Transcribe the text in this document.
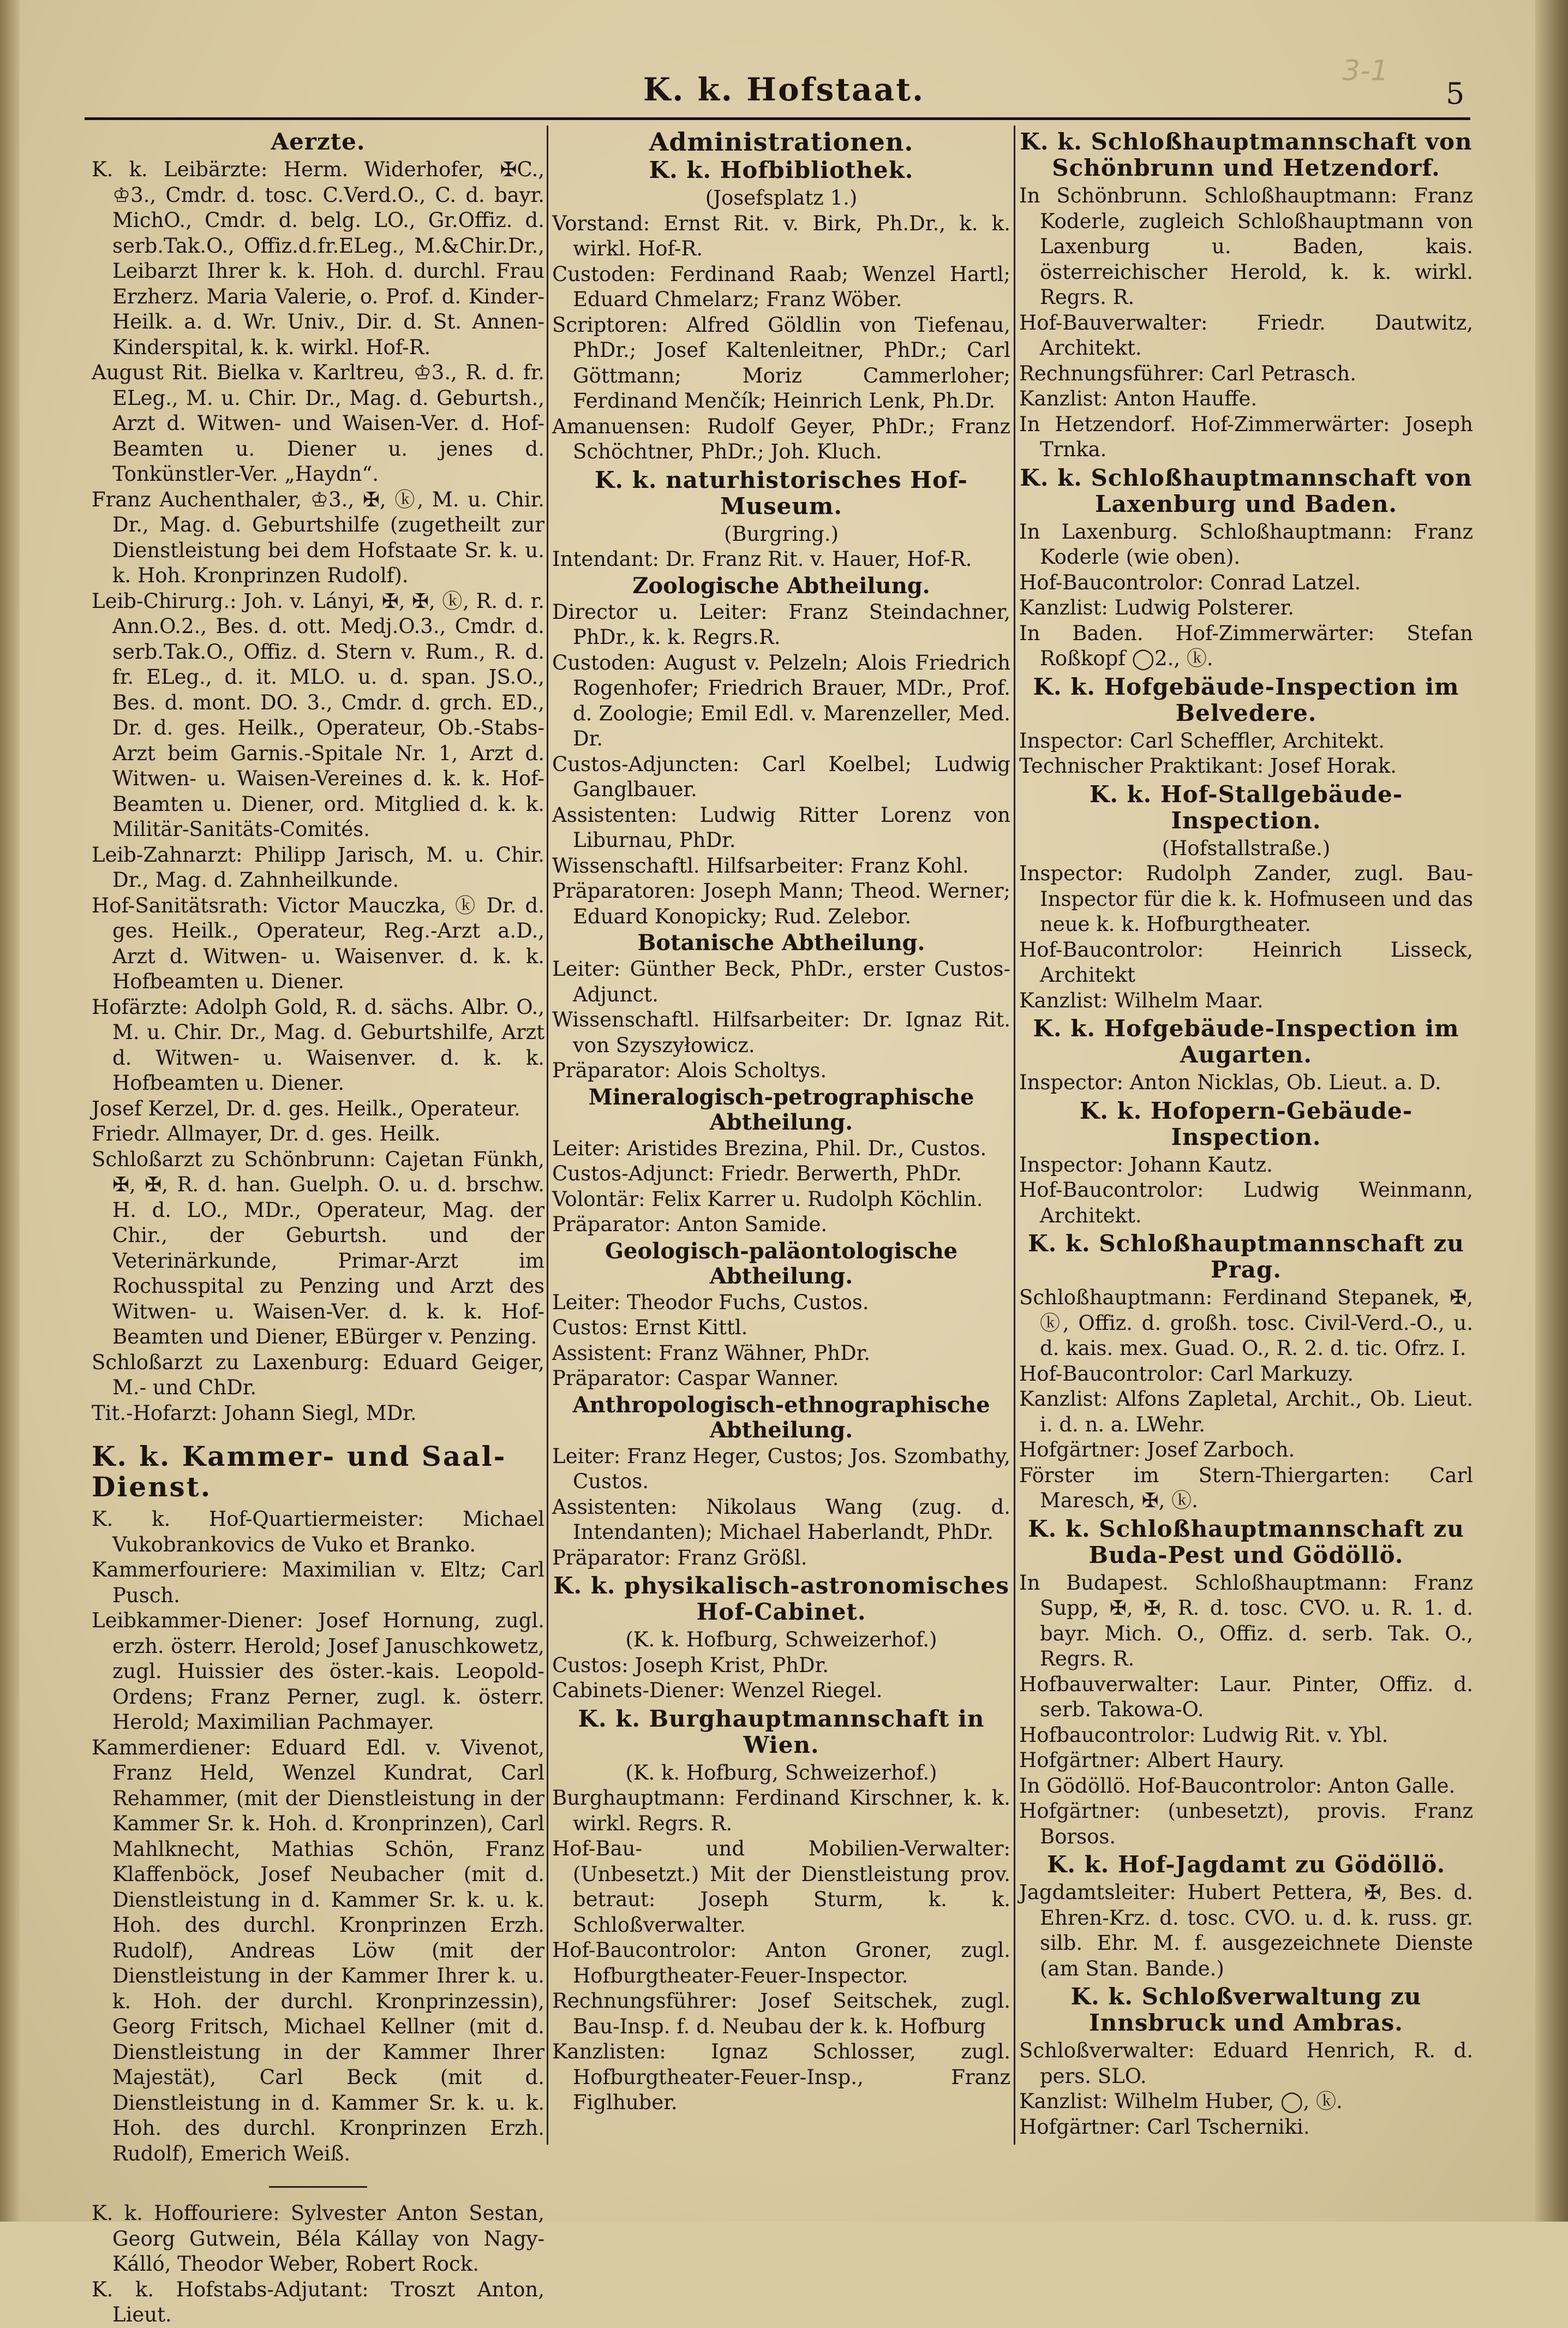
K. k. Hofstaat.	3-1
5
Aerzte.
K. k. Leibärzte: Herm. Widerhofer, ✠C., ♔3., Cmdr. d. tosc. C.Verd.O., C. d. bayr. MichO., Cmdr. d. belg. LO., Gr.Offiz. d. serb.Tak.O., Offiz.d.fr.ELeg., M.&Chir.Dr., Leibarzt Ihrer k. k. Hoh. d. durchl. Frau Erzherz. Maria Valerie, o. Prof. d. Kinder-Heilk. a. d. Wr. Univ., Dir. d. St. Annen-Kinderspital, k. k. wirkl. Hof-R.
August Rit. Bielka v. Karltreu, ♔3., R. d. fr. ELeg., M. u. Chir. Dr., Mag. d. Geburtsh., Arzt d. Witwen- und Waisen-Ver. d. Hof-Beamten u. Diener u. jenes d. Tonkünstler-Ver. „Haydn“.
Franz Auchenthaler, ♔3., ✠, ⓚ, M. u. Chir. Dr., Mag. d. Geburtshilfe (zugetheilt zur Dienstleistung bei dem Hofstaate Sr. k. u. k. Hoh. Kronprinzen Rudolf).
Leib-Chirurg.: Joh. v. Lányi, ✠, ✠, ⓚ, R. d. r. Ann.O.2., Bes. d. ott. Medj.O.3., Cmdr. d. serb.Tak.O., Offiz. d. Stern v. Rum., R. d. fr. ELeg., d. it. MLO. u. d. span. JS.O., Bes. d. mont. DO. 3., Cmdr. d. grch. ED., Dr. d. ges. Heilk., Operateur, Ob.-Stabs-Arzt beim Garnis.-Spitale Nr. 1, Arzt d. Witwen- u. Waisen-Vereines d. k. k. Hof-Beamten u. Diener, ord. Mitglied d. k. k. Militär-Sanitäts-Comités.
Leib-Zahnarzt: Philipp Jarisch, M. u. Chir. Dr., Mag. d. Zahnheilkunde.
Hof-Sanitätsrath: Victor Mauczka, ⓚ Dr. d. ges. Heilk., Operateur, Reg.-Arzt a.D., Arzt d. Witwen- u. Waisenver. d. k. k. Hofbeamten u. Diener.
Hofärzte: Adolph Gold, R. d. sächs. Albr. O., M. u. Chir. Dr., Mag. d. Geburtshilfe, Arzt d. Witwen- u. Waisenver. d. k. k. Hofbeamten u. Diener.
Josef Kerzel, Dr. d. ges. Heilk., Operateur.
Friedr. Allmayer, Dr. d. ges. Heilk.
Schloßarzt zu Schönbrunn: Cajetan Fünkh, ✠, ✠, R. d. han. Guelph. O. u. d. brschw. H. d. LO., MDr., Operateur, Mag. der Chir., der Geburtsh. und der Veterinärkunde, Primar-Arzt im Rochusspital zu Penzing und Arzt des Witwen- u. Waisen-Ver. d. k. k. Hof-Beamten und Diener, EBürger v. Penzing.
Schloßarzt zu Laxenburg: Eduard Geiger, M.- und ChDr.
Tit.-Hofarzt: Johann Siegl, MDr.
K. k. Kammer- und Saal-Dienst.
K. k. Hof-Quartiermeister: Michael Vukobrankovics de Vuko et Branko.
Kammerfouriere: Maximilian v. Eltz; Carl Pusch.
Leibkammer-Diener: Josef Hornung, zugl. erzh. österr. Herold; Josef Januschkowetz, zugl. Huissier des öster.-kais. Leopold-Ordens; Franz Perner, zugl. k. österr. Herold; Maximilian Pachmayer.
Kammerdiener: Eduard Edl. v. Vivenot, Franz Held, Wenzel Kundrat, Carl Rehammer, (mit der Dienstleistung in der Kammer Sr. k. Hoh. d. Kronprinzen), Carl Mahlknecht, Mathias Schön, Franz Klaffenböck, Josef Neubacher (mit d. Dienstleistung in d. Kammer Sr. k. u. k. Hoh. des durchl. Kronprinzen Erzh. Rudolf), Andreas Löw (mit der Dienstleistung in der Kammer Ihrer k. u. k. Hoh. der durchl. Kronprinzessin), Georg Fritsch, Michael Kellner (mit d. Dienstleistung in der Kammer Ihrer Majestät), Carl Beck (mit d. Dienstleistung in d. Kammer Sr. k. u. k. Hoh. des durchl. Kronprinzen Erzh. Rudolf), Emerich Weiß.
K. k. Hoffouriere: Sylvester Anton Sestan, Georg Gutwein, Béla Kállay von Nagy-Kálló, Theodor Weber, Robert Rock.
K. k. Hofstabs-Adjutant: Troszt Anton, Lieut.
Administrationen.
K. k. Hofbibliothek.
(Josefsplatz 1.)
Vorstand: Ernst Rit. v. Birk, Ph.Dr., k. k. wirkl. Hof-R.
Custoden: Ferdinand Raab; Wenzel Hartl; Eduard Chmelarz; Franz Wöber.
Scriptoren: Alfred Göldlin von Tiefenau, PhDr.; Josef Kaltenleitner, PhDr.; Carl Göttmann; Moriz Cammerloher; Ferdinand Menčík; Heinrich Lenk, Ph.Dr.
Amanuensen: Rudolf Geyer, PhDr.; Franz Schöchtner, PhDr.; Joh. Kluch.
K. k. naturhistorisches Hof-Museum.
(Burgring.)
Intendant: Dr. Franz Rit. v. Hauer, Hof-R.
Zoologische Abtheilung.
Director u. Leiter: Franz Steindachner, PhDr., k. k. Regrs.R.
Custoden: August v. Pelzeln; Alois Friedrich Rogenhofer; Friedrich Brauer, MDr., Prof. d. Zoologie; Emil Edl. v. Marenzeller, Med. Dr.
Custos-Adjuncten: Carl Koelbel; Ludwig Ganglbauer.
Assistenten: Ludwig Ritter Lorenz von Liburnau, PhDr.
Wissenschaftl. Hilfsarbeiter: Franz Kohl.
Präparatoren: Joseph Mann; Theod. Werner; Eduard Konopicky; Rud. Zelebor.
Botanische Abtheilung.
Leiter: Günther Beck, PhDr., erster Custos-Adjunct.
Wissenschaftl. Hilfsarbeiter: Dr. Ignaz Rit. von Szyszyłowicz.
Präparator: Alois Scholtys.
Mineralogisch-petrographische Abtheilung.
Leiter: Aristides Brezina, Phil. Dr., Custos.
Custos-Adjunct: Friedr. Berwerth, PhDr.
Volontär: Felix Karrer u. Rudolph Köchlin.
Präparator: Anton Samide.
Geologisch-paläontologische Abtheilung.
Leiter: Theodor Fuchs, Custos.
Custos: Ernst Kittl.
Assistent: Franz Wähner, PhDr.
Präparator: Caspar Wanner.
Anthropologisch-ethnographische Abtheilung.
Leiter: Franz Heger, Custos; Jos. Szombathy, Custos.
Assistenten: Nikolaus Wang (zug. d. Intendanten); Michael Haberlandt, PhDr.
Präparator: Franz Größl.
K. k. physikalisch-astronomisches Hof-Cabinet.
(K. k. Hofburg, Schweizerhof.)
Custos: Joseph Krist, PhDr.
Cabinets-Diener: Wenzel Riegel.
K. k. Burghauptmannschaft in Wien.
(K. k. Hofburg, Schweizerhof.)
Burghauptmann: Ferdinand Kirschner, k. k. wirkl. Regrs. R.
Hof-Bau- und Mobilien-Verwalter: (Unbesetzt.) Mit der Dienstleistung prov. betraut: Joseph Sturm, k. k. Schloßverwalter.
Hof-Baucontrolor: Anton Groner, zugl. Hofburgtheater-Feuer-Inspector.
Rechnungsführer: Josef Seitschek, zugl. Bau-Insp. f. d. Neubau der k. k. Hofburg
Kanzlisten: Ignaz Schlosser, zugl. Hofburgtheater-Feuer-Insp., Franz Figlhuber.
K. k. Schloßhauptmannschaft von Schönbrunn und Hetzendorf.
In Schönbrunn. Schloßhauptmann: Franz Koderle, zugleich Schloßhauptmann von Laxenburg u. Baden, kais. österreichischer Herold, k. k. wirkl. Regrs. R.
Hof-Bauverwalter: Friedr. Dautwitz, Architekt.
Rechnungsführer: Carl Petrasch.
Kanzlist: Anton Hauffe.
In Hetzendorf. Hof-Zimmerwärter: Joseph Trnka.
K. k. Schloßhauptmannschaft von Laxenburg und Baden.
In Laxenburg. Schloßhauptmann: Franz Koderle (wie oben).
Hof-Baucontrolor: Conrad Latzel.
Kanzlist: Ludwig Polsterer.
In Baden. Hof-Zimmerwärter: Stefan Roßkopf ◯2., ⓚ.
K. k. Hofgebäude-Inspection im Belvedere.
Inspector: Carl Scheffler, Architekt.
Technischer Praktikant: Josef Horak.
K. k. Hof-Stallgebäude-Inspection.
(Hofstallstraße.)
Inspector: Rudolph Zander, zugl. Bau-Inspector für die k. k. Hofmuseen und das neue k. k. Hofburgtheater.
Hof-Baucontrolor: Heinrich Lisseck, Architekt
Kanzlist: Wilhelm Maar.
K. k. Hofgebäude-Inspection im Augarten.
Inspector: Anton Nicklas, Ob. Lieut. a. D.
K. k. Hofopern-Gebäude-Inspection.
Inspector: Johann Kautz.
Hof-Baucontrolor: Ludwig Weinmann, Architekt.
K. k. Schloßhauptmannschaft zu Prag.
Schloßhauptmann: Ferdinand Stepanek, ✠, ⓚ, Offiz. d. großh. tosc. Civil-Verd.-O., u. d. kais. mex. Guad. O., R. 2. d. tic. Ofrz. I.
Hof-Baucontrolor: Carl Markuzy.
Kanzlist: Alfons Zapletal, Archit., Ob. Lieut. i. d. n. a. LWehr.
Hofgärtner: Josef Zarboch.
Förster im Stern-Thiergarten: Carl Maresch, ✠, ⓚ.
K. k. Schloßhauptmannschaft zu Buda-Pest und Gödöllö.
In Budapest. Schloßhauptmann: Franz Supp, ✠, ✠, R. d. tosc. CVO. u. R. 1. d. bayr. Mich. O., Offiz. d. serb. Tak. O., Regrs. R.
Hofbauverwalter: Laur. Pinter, Offiz. d. serb. Takowa-O.
Hofbaucontrolor: Ludwig Rit. v. Ybl.
Hofgärtner: Albert Haury.
In Gödöllö. Hof-Baucontrolor: Anton Galle.
Hofgärtner: (unbesetzt), provis. Franz Borsos.
K. k. Hof-Jagdamt zu Gödöllö.
Jagdamtsleiter: Hubert Pettera, ✠, Bes. d. Ehren-Krz. d. tosc. CVO. u. d. k. russ. gr. silb. Ehr. M. f. ausgezeichnete Dienste (am Stan. Bande.)
K. k. Schloßverwaltung zu Innsbruck und Ambras.
Schloßverwalter: Eduard Henrich, R. d. pers. SLO.
Kanzlist: Wilhelm Huber, ◯, ⓚ.
Hofgärtner: Carl Tscherniki.
